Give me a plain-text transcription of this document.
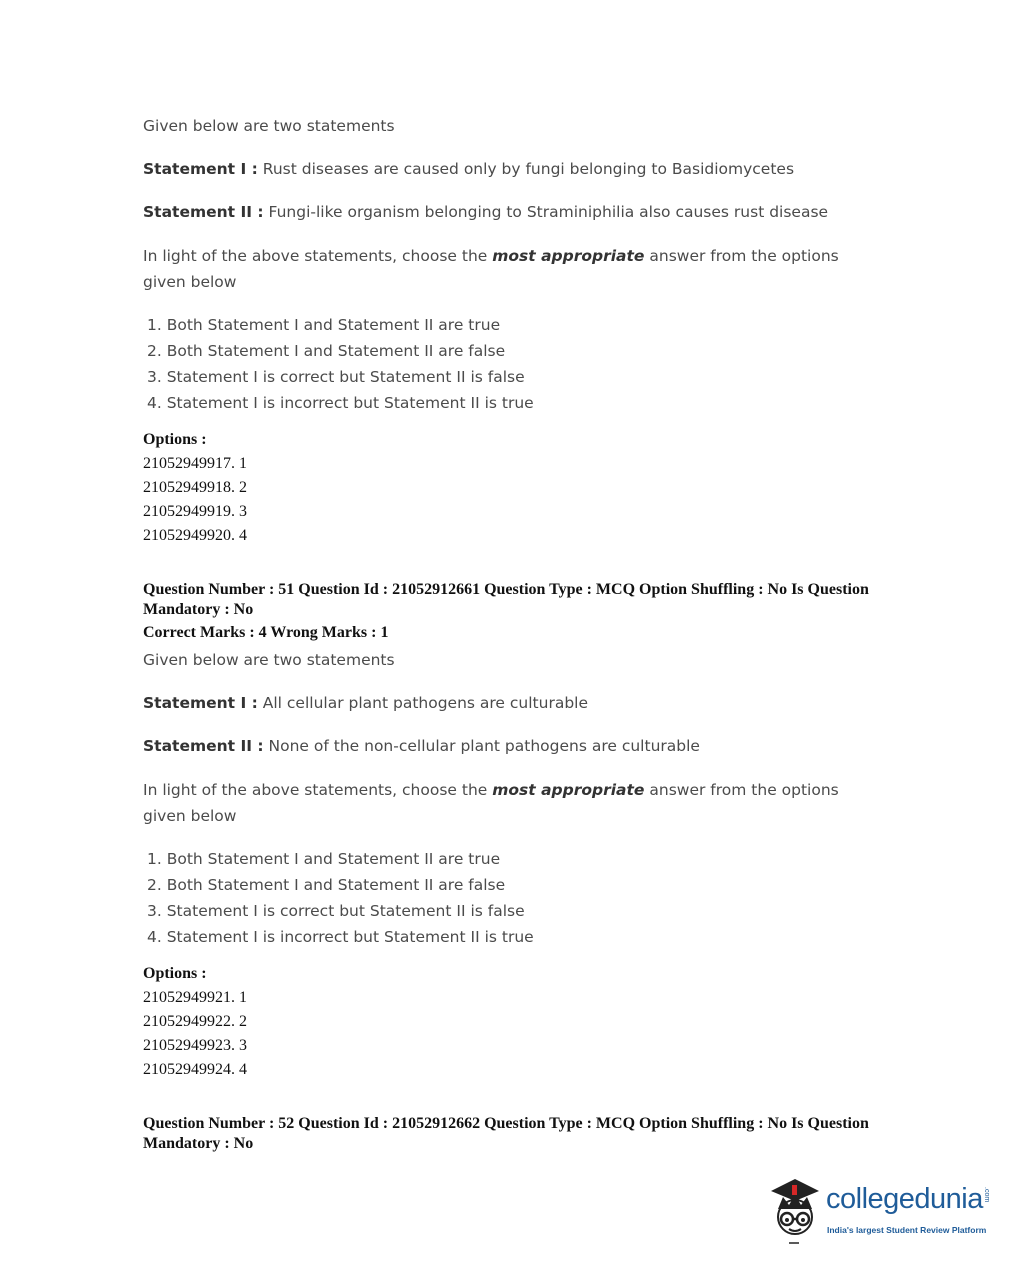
Given below are two statements
Statement I : Rust diseases are caused only by fungi belonging to Basidiomycetes
Statement II : Fungi-like organism belonging to Straminiphilia also causes rust disease
In light of the above statements, choose the most appropriate answer from the options given below
1. Both Statement I and Statement II are true
2. Both Statement I and Statement II are false
3. Statement I is correct but Statement II is false
4. Statement I is incorrect but Statement II is true
Options :
21052949917. 1
21052949918. 2
21052949919. 3
21052949920. 4
Question Number : 51 Question Id : 21052912661 Question Type : MCQ Option Shuffling : No Is Question Mandatory : No
Correct Marks : 4 Wrong Marks : 1
Given below are two statements
Statement I : All cellular plant pathogens are culturable
Statement II : None of the non-cellular plant pathogens are culturable
In light of the above statements, choose the most appropriate answer from the options given below
1. Both Statement I and Statement II are true
2. Both Statement I and Statement II are false
3. Statement I is correct but Statement II is false
4. Statement I is incorrect but Statement II is true
Options :
21052949921. 1
21052949922. 2
21052949923. 3
21052949924. 4
Question Number : 52 Question Id : 21052912662 Question Type : MCQ Option Shuffling : No Is Question Mandatory : No
collegedunia .com
India's largest Student Review Platform
